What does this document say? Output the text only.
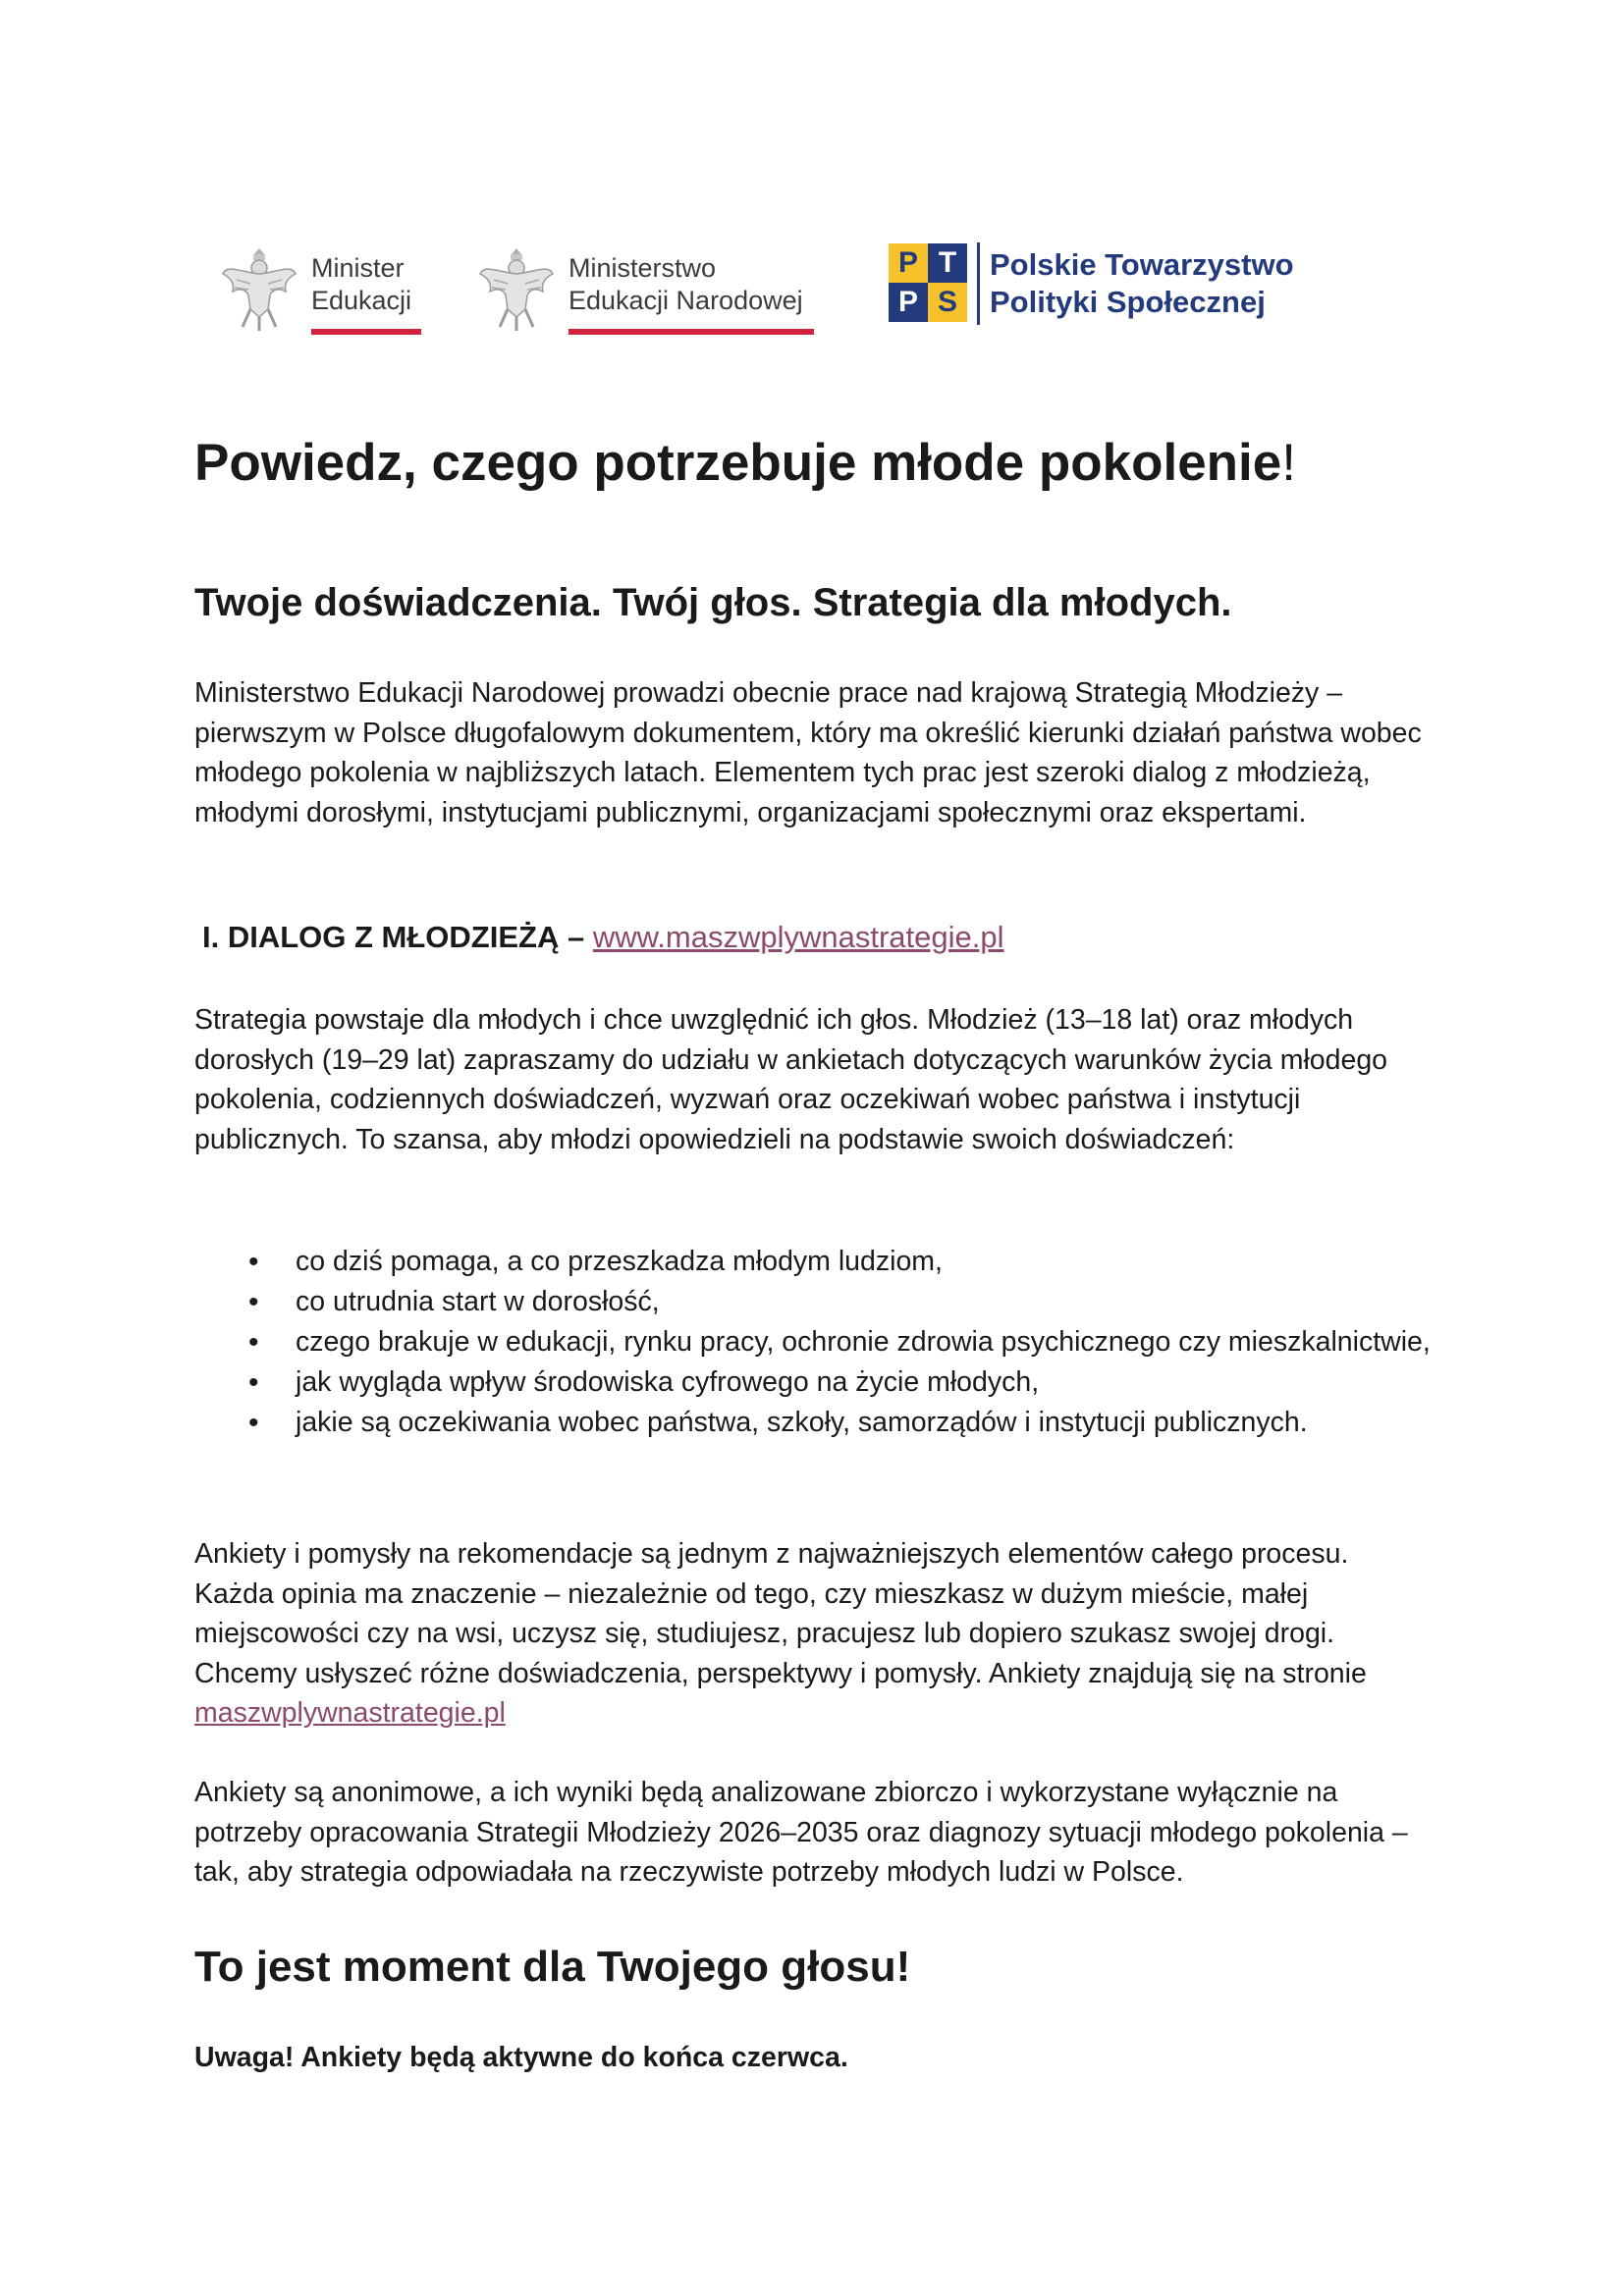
Minister
Edukacji
Ministerstwo
Edukacji Narodowej
P T
P S
Polskie Towarzystwo
Polityki Społecznej
Powiedz, czego potrzebuje młode pokolenie!
Twoje doświadczenia. Twój głos. Strategia dla młodych.
Ministerstwo Edukacji Narodowej prowadzi obecnie prace nad krajową Strategią Młodzieży – pierwszym w Polsce długofalowym dokumentem, który ma określić kierunki działań państwa wobec młodego pokolenia w najbliższych latach. Elementem tych prac jest szeroki dialog z młodzieżą, młodymi dorosłymi, instytucjami publicznymi, organizacjami społecznymi oraz ekspertami.
I. DIALOG Z MŁODZIEŻĄ – www.maszwplywnastrategie.pl
Strategia powstaje dla młodych i chce uwzględnić ich głos. Młodzież (13–18 lat) oraz młodych dorosłych (19–29 lat) zapraszamy do udziału w ankietach dotyczących warunków życia młodego pokolenia, codziennych doświadczeń, wyzwań oraz oczekiwań wobec państwa i instytucji publicznych. To szansa, aby młodzi opowiedzieli na podstawie swoich doświadczeń:
• co dziś pomaga, a co przeszkadza młodym ludziom,
• co utrudnia start w dorosłość,
• czego brakuje w edukacji, rynku pracy, ochronie zdrowia psychicznego czy mieszkalnictwie,
• jak wygląda wpływ środowiska cyfrowego na życie młodych,
• jakie są oczekiwania wobec państwa, szkoły, samorządów i instytucji publicznych.
Ankiety i pomysły na rekomendacje są jednym z najważniejszych elementów całego procesu. Każda opinia ma znaczenie – niezależnie od tego, czy mieszkasz w dużym mieście, małej miejscowości czy na wsi, uczysz się, studiujesz, pracujesz lub dopiero szukasz swojej drogi. Chcemy usłyszeć różne doświadczenia, perspektywy i pomysły. Ankiety znajdują się na stronie maszwplywnastrategie.pl
Ankiety są anonimowe, a ich wyniki będą analizowane zbiorczo i wykorzystane wyłącznie na potrzeby opracowania Strategii Młodzieży 2026–2035 oraz diagnozy sytuacji młodego pokolenia – tak, aby strategia odpowiadała na rzeczywiste potrzeby młodych ludzi w Polsce.
To jest moment dla Twojego głosu!
Uwaga! Ankiety będą aktywne do końca czerwca.
